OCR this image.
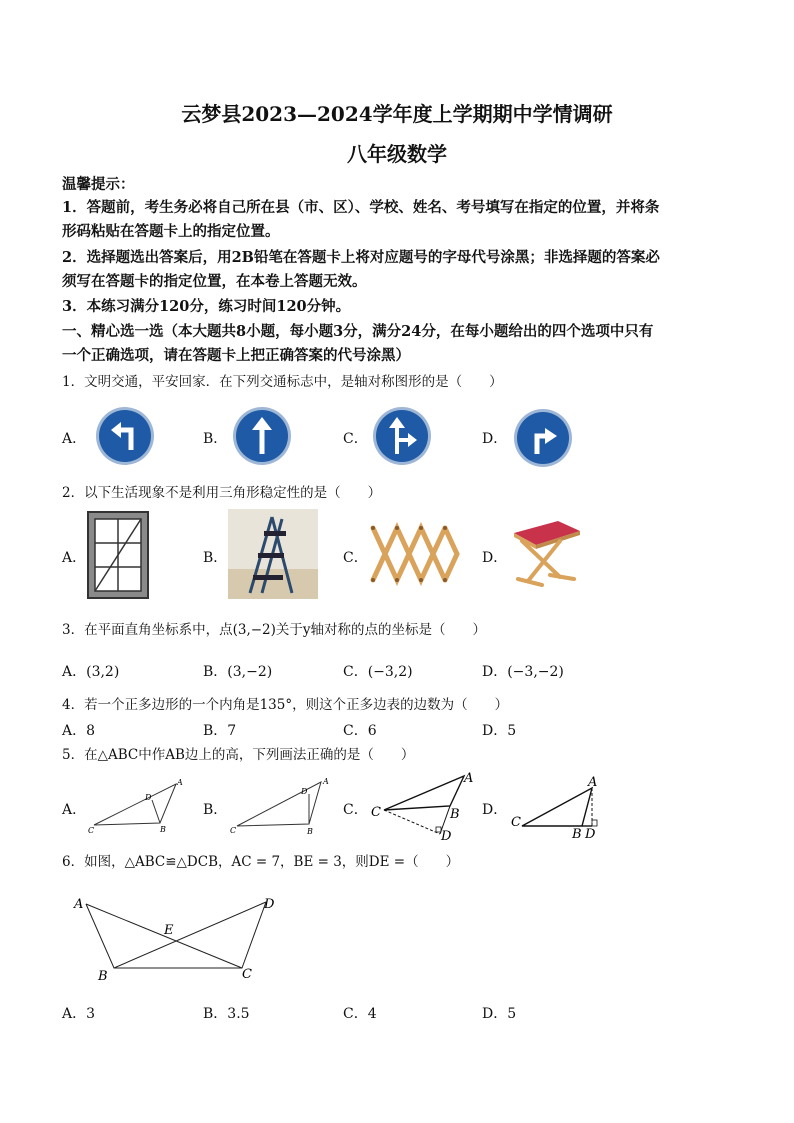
云梦县2023—2024学年度上学期期中学情调研
八年级数学
温馨提示：
1．答题前，考生务必将自己所在县（市、区）、学校、姓名、考号填写在指定的位置，并将条
形码粘贴在答题卡上的指定位置。
2．选择题选出答案后，用2B铅笔在答题卡上将对应题号的字母代号涂黑；非选择题的答案必
须写在答题卡的指定位置，在本卷上答题无效。
3．本练习满分120分，练习时间120分钟。
一、精心选一选（本大题共8小题，每小题3分，满分24分，在每小题给出的四个选项中只有
一个正确选项，请在答题卡上把正确答案的代号涂黑）
1．文明交通，平安回家．在下列交通标志中，是轴对称图形的是（　　）
A．	B．	C．	D．
2．以下生活现象不是利用三角形稳定性的是（　　）
A．	B．	C．	D．
3．在平面直角坐标系中，点(3,−2)关于y轴对称的点的坐标是（　　）
A．(3,2)	B．(3,−2)	C．(−3,2)	D．(−3,−2)
4．若一个正多边形的一个内角是135°，则这个正多边表的边数为（　　）
A．8	B．7	C．6	D．5
5．在△ABC中作AB边上的高，下列画法正确的是（　　）
A．	B．	C．	D．
A
B
C
D
A
B
C
D
A
B
C
D
A
B
C
D
6．如图，△ABC≌△DCB，AC = 7，BE = 3，则DE =（　　）
A
B	C
D
E
A．3	B．3.5	C．4	D．5
